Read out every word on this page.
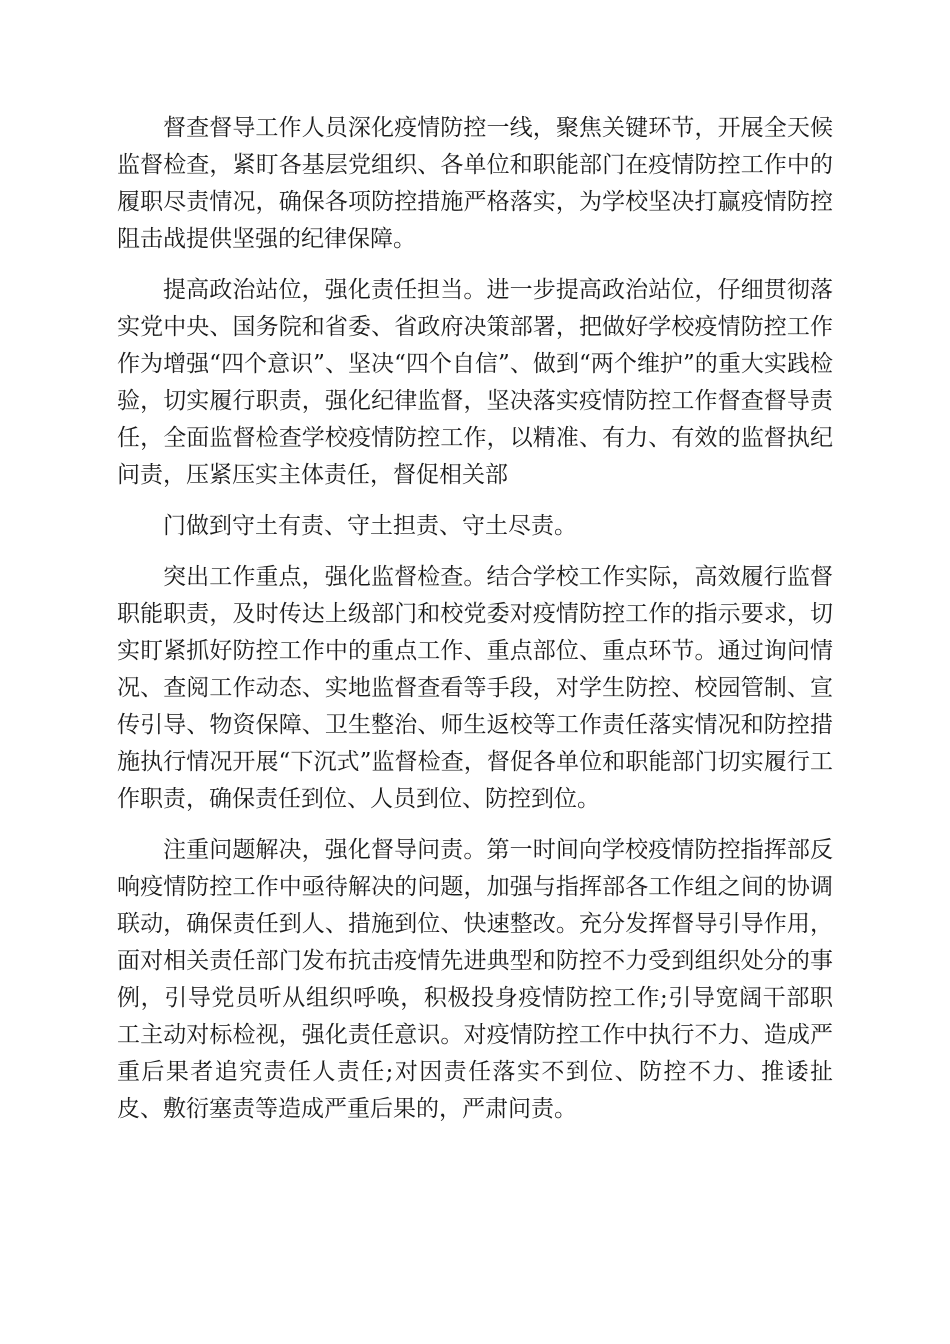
督查督导工作人员深化疫情防控一线，聚焦关键环节，开展全天候监督检查，紧盯各基层党组织、各单位和职能部门在疫情防控工作中的履职尽责情况，确保各项防控措施严格落实，为学校坚决打赢疫情防控阻击战提供坚强的纪律保障。

提高政治站位，强化责任担当。进一步提高政治站位，仔细贯彻落实党中央、国务院和省委、省政府决策部署，把做好学校疫情防控工作作为增强“四个意识”、坚决“四个自信”、做到“两个维护”的重大实践检验，切实履行职责，强化纪律监督，坚决落实疫情防控工作督查督导责任，全面监督检查学校疫情防控工作，以精准、有力、有效的监督执纪问责，压紧压实主体责任，督促相关部

门做到守土有责、守土担责、守土尽责。

突出工作重点，强化监督检查。结合学校工作实际，高效履行监督职能职责，及时传达上级部门和校党委对疫情防控工作的指示要求，切实盯紧抓好防控工作中的重点工作、重点部位、重点环节。通过询问情况、查阅工作动态、实地监督查看等手段，对学生防控、校园管制、宣传引导、物资保障、卫生整治、师生返校等工作责任落实情况和防控措施执行情况开展“下沉式”监督检查，督促各单位和职能部门切实履行工作职责，确保责任到位、人员到位、防控到位。

注重问题解决，强化督导问责。第一时间向学校疫情防控指挥部反响疫情防控工作中亟待解决的问题，加强与指挥部各工作组之间的协调联动，确保责任到人、措施到位、快速整改。充分发挥督导引导作用，面对相关责任部门发布抗击疫情先进典型和防控不力受到组织处分的事例，引导党员听从组织呼唤，积极投身疫情防控工作;引导宽阔干部职工主动对标检视，强化责任意识。对疫情防控工作中执行不力、造成严重后果者追究责任人责任;对因责任落实不到位、防控不力、推诿扯皮、敷衍塞责等造成严重后果的，严肃问责。
